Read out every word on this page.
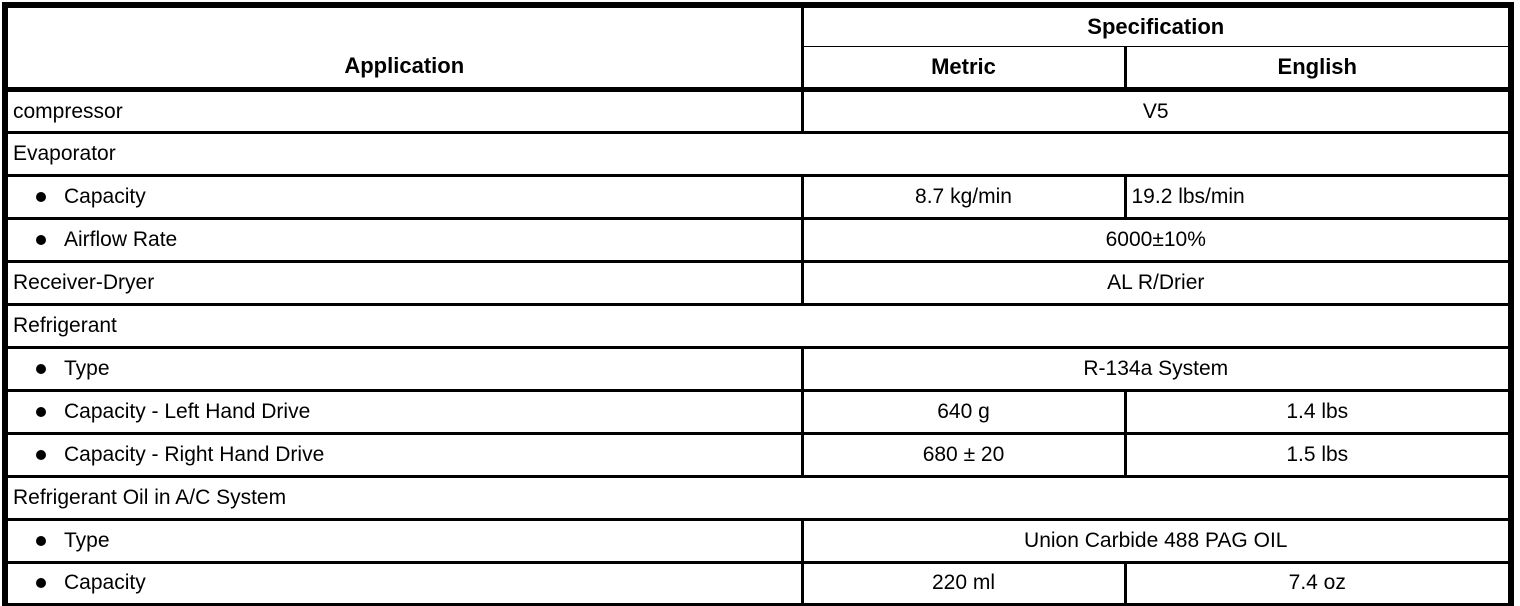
Application	Specification	
	Metric	English
compressor	V5	
Evaporator		
Capacity	8.7 kg/min	19.2 lbs/min
Airflow Rate	6000±10%	
Receiver-Dryer	AL R/Drier	
Refrigerant		
Type	R-134a System	
Capacity - Left Hand Drive	640 g	1.4 lbs
Capacity - Right Hand Drive	680 ± 20	1.5 lbs
Refrigerant Oil in A/C System		
Type	Union Carbide 488 PAG OIL	
Capacity	220 ml	7.4 oz
